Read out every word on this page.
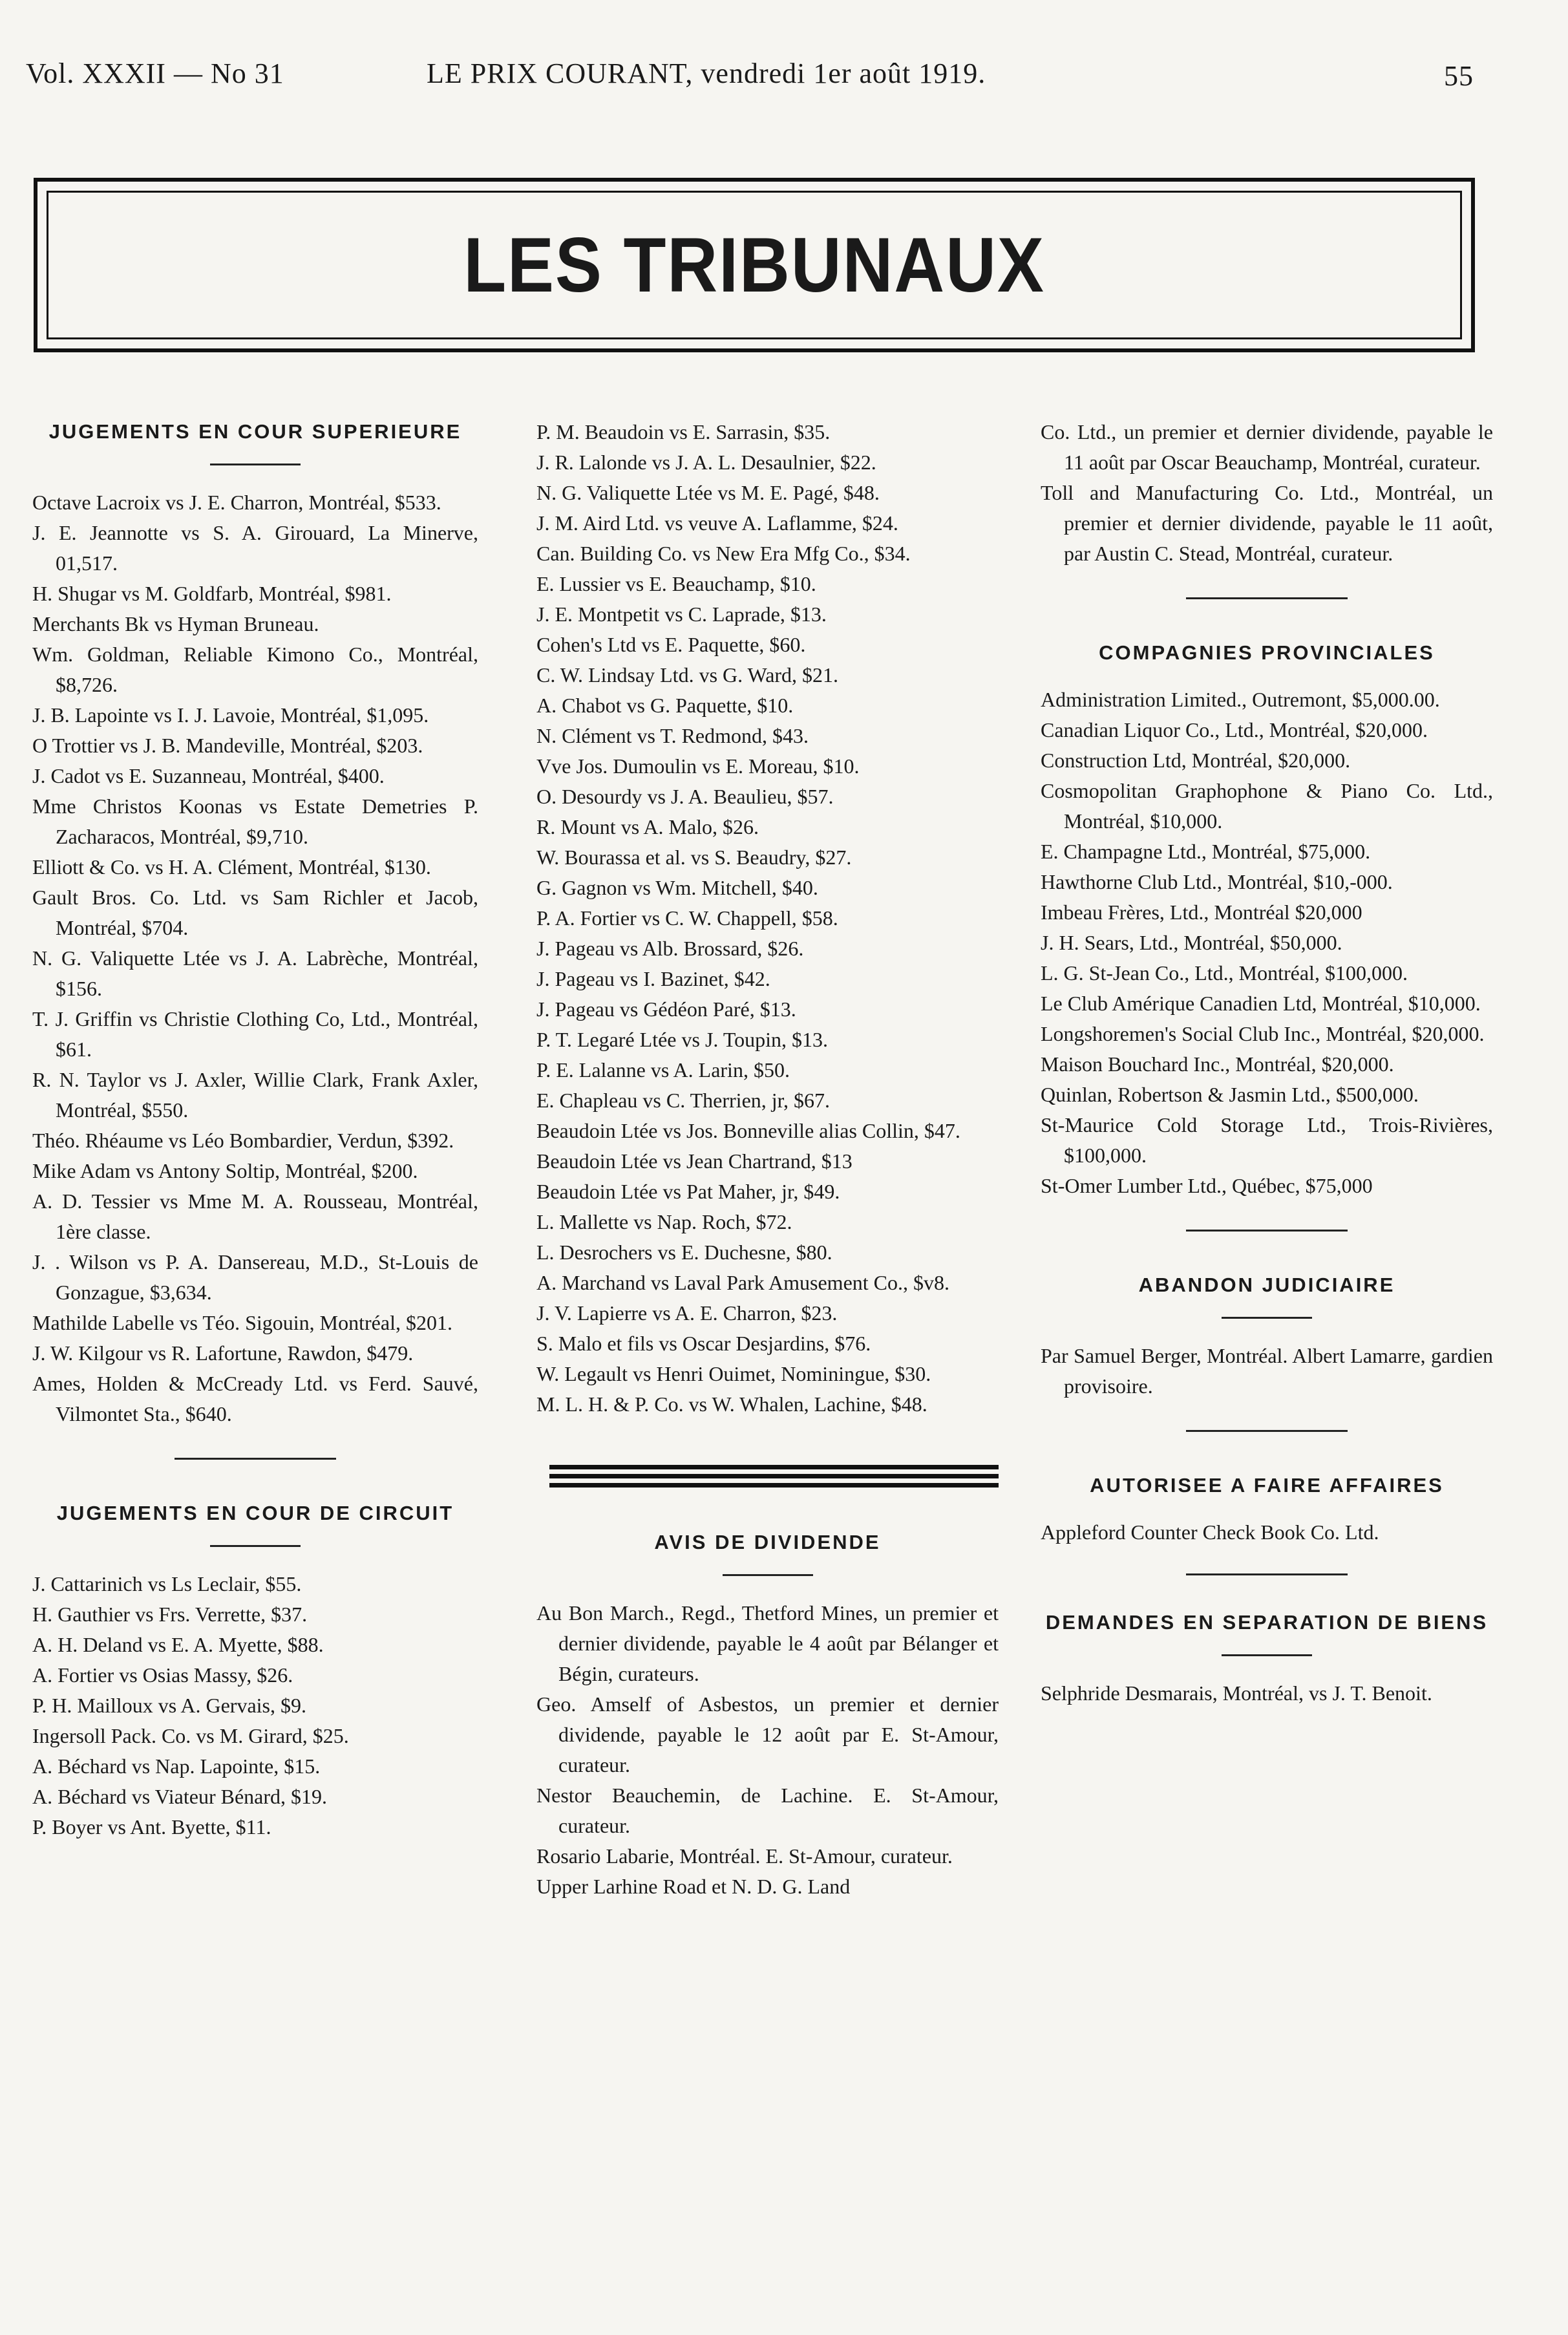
Vol. XXXII — No 31	LE PRIX COURANT, vendredi 1er août 1919.	55
LES TRIBUNAUX
JUGEMENTS EN COUR SUPERIEURE
Octave Lacroix vs J. E. Charron, Montréal, $533.
J. E. Jeannotte vs S. A. Girouard, La Minerve, 01,517.
H. Shugar vs M. Goldfarb, Montréal, $981.
Merchants Bk vs Hyman Bruneau.
Wm. Goldman, Reliable Kimono Co., Montréal, $8,726.
J. B. Lapointe vs I. J. Lavoie, Montréal, $1,095.
O Trottier vs J. B. Mandeville, Montréal, $203.
J. Cadot vs E. Suzanneau, Montréal, $400.
Mme Christos Koonas vs Estate Demetries P. Zacharacos, Montréal, $9,710.
Elliott & Co. vs H. A. Clément, Montréal, $130.
Gault Bros. Co. Ltd. vs Sam Richler et Jacob, Montréal, $704.
N. G. Valiquette Ltée vs J. A. Labrèche, Montréal, $156.
T. J. Griffin vs Christie Clothing Co, Ltd., Montréal, $61.
R. N. Taylor vs J. Axler, Willie Clark, Frank Axler, Montréal, $550.
Théo. Rhéaume vs Léo Bombardier, Verdun, $392.
Mike Adam vs Antony Soltip, Montréal, $200.
A. D. Tessier vs Mme M. A. Rousseau, Montréal, 1ère classe.
J. . Wilson vs P. A. Dansereau, M.D., St-Louis de Gonzague, $3,634.
Mathilde Labelle vs Téo. Sigouin, Montréal, $201.
J. W. Kilgour vs R. Lafortune, Rawdon, $479.
Ames, Holden & McCready Ltd. vs Ferd. Sauvé, Vilmontet Sta., $640.
JUGEMENTS EN COUR DE CIRCUIT
J. Cattarinich vs Ls Leclair, $55.
H. Gauthier vs Frs. Verrette, $37.
A. H. Deland vs E. A. Myette, $88.
A. Fortier vs Osias Massy, $26.
P. H. Mailloux vs A. Gervais, $9.
Ingersoll Pack. Co. vs M. Girard, $25.
A. Béchard vs Nap. Lapointe, $15.
A. Béchard vs Viateur Bénard, $19.
P. Boyer vs Ant. Byette, $11.
P. M. Beaudoin vs E. Sarrasin, $35.
J. R. Lalonde vs J. A. L. Desaulnier, $22.
N. G. Valiquette Ltée vs M. E. Pagé, $48.
J. M. Aird Ltd. vs veuve A. Laflamme, $24.
Can. Building Co. vs New Era Mfg Co., $34.
E. Lussier vs E. Beauchamp, $10.
J. E. Montpetit vs C. Laprade, $13.
Cohen's Ltd vs E. Paquette, $60.
C. W. Lindsay Ltd. vs G. Ward, $21.
A. Chabot vs G. Paquette, $10.
N. Clément vs T. Redmond, $43.
Vve Jos. Dumoulin vs E. Moreau, $10.
O. Desourdy vs J. A. Beaulieu, $57.
R. Mount vs A. Malo, $26.
W. Bourassa et al. vs S. Beaudry, $27.
G. Gagnon vs Wm. Mitchell, $40.
P. A. Fortier vs C. W. Chappell, $58.
J. Pageau vs Alb. Brossard, $26.
J. Pageau vs I. Bazinet, $42.
J. Pageau vs Gédéon Paré, $13.
P. T. Legaré Ltée vs J. Toupin, $13.
P. E. Lalanne vs A. Larin, $50.
E. Chapleau vs C. Therrien, jr, $67.
Beaudoin Ltée vs Jos. Bonneville alias Collin, $47.
Beaudoin Ltée vs Jean Chartrand, $13
Beaudoin Ltée vs Pat Maher, jr, $49.
L. Mallette vs Nap. Roch, $72.
L. Desrochers vs E. Duchesne, $80.
A. Marchand vs Laval Park Amusement Co., $v8.
J. V. Lapierre vs A. E. Charron, $23.
S. Malo et fils vs Oscar Desjardins, $76.
W. Legault vs Henri Ouimet, Nominingue, $30.
M. L. H. & P. Co. vs W. Whalen, Lachine, $48.
AVIS DE DIVIDENDE
Au Bon March., Regd., Thetford Mines, un premier et dernier dividende, payable le 4 août par Bélanger et Bégin, curateurs.
Geo. Amself of Asbestos, un premier et dernier dividende, payable le 12 août par E. St-Amour, curateur.
Nestor Beauchemin, de Lachine. E. St-Amour, curateur.
Rosario Labarie, Montréal. E. St-Amour, curateur.
Upper Larhine Road et N. D. G. Land
Co. Ltd., un premier et dernier dividende, payable le 11 août par Oscar Beauchamp, Montréal, curateur.
Toll and Manufacturing Co. Ltd., Montréal, un premier et dernier dividende, payable le 11 août, par Austin C. Stead, Montréal, curateur.
COMPAGNIES PROVINCIALES
Administration Limited., Outremont, $5,000.00.
Canadian Liquor Co., Ltd., Montréal, $20,000.
Construction Ltd, Montréal, $20,000.
Cosmopolitan Graphophone & Piano Co. Ltd., Montréal, $10,000.
E. Champagne Ltd., Montréal, $75,000.
Hawthorne Club Ltd., Montréal, $10,-000.
Imbeau Frères, Ltd., Montréal $20,000
J. H. Sears, Ltd., Montréal, $50,000.
L. G. St-Jean Co., Ltd., Montréal, $100,000.
Le Club Amérique Canadien Ltd, Montréal, $10,000.
Longshoremen's Social Club Inc., Montréal, $20,000.
Maison Bouchard Inc., Montréal, $20,000.
Quinlan, Robertson & Jasmin Ltd., $500,000.
St-Maurice Cold Storage Ltd., Trois-Rivières, $100,000.
St-Omer Lumber Ltd., Québec, $75,000
ABANDON JUDICIAIRE
Par Samuel Berger, Montréal. Albert Lamarre, gardien provisoire.
AUTORISEE A FAIRE AFFAIRES
Appleford Counter Check Book Co. Ltd.
DEMANDES EN SEPARATION DE BIENS
Selphride Desmarais, Montréal, vs J. T. Benoit.
